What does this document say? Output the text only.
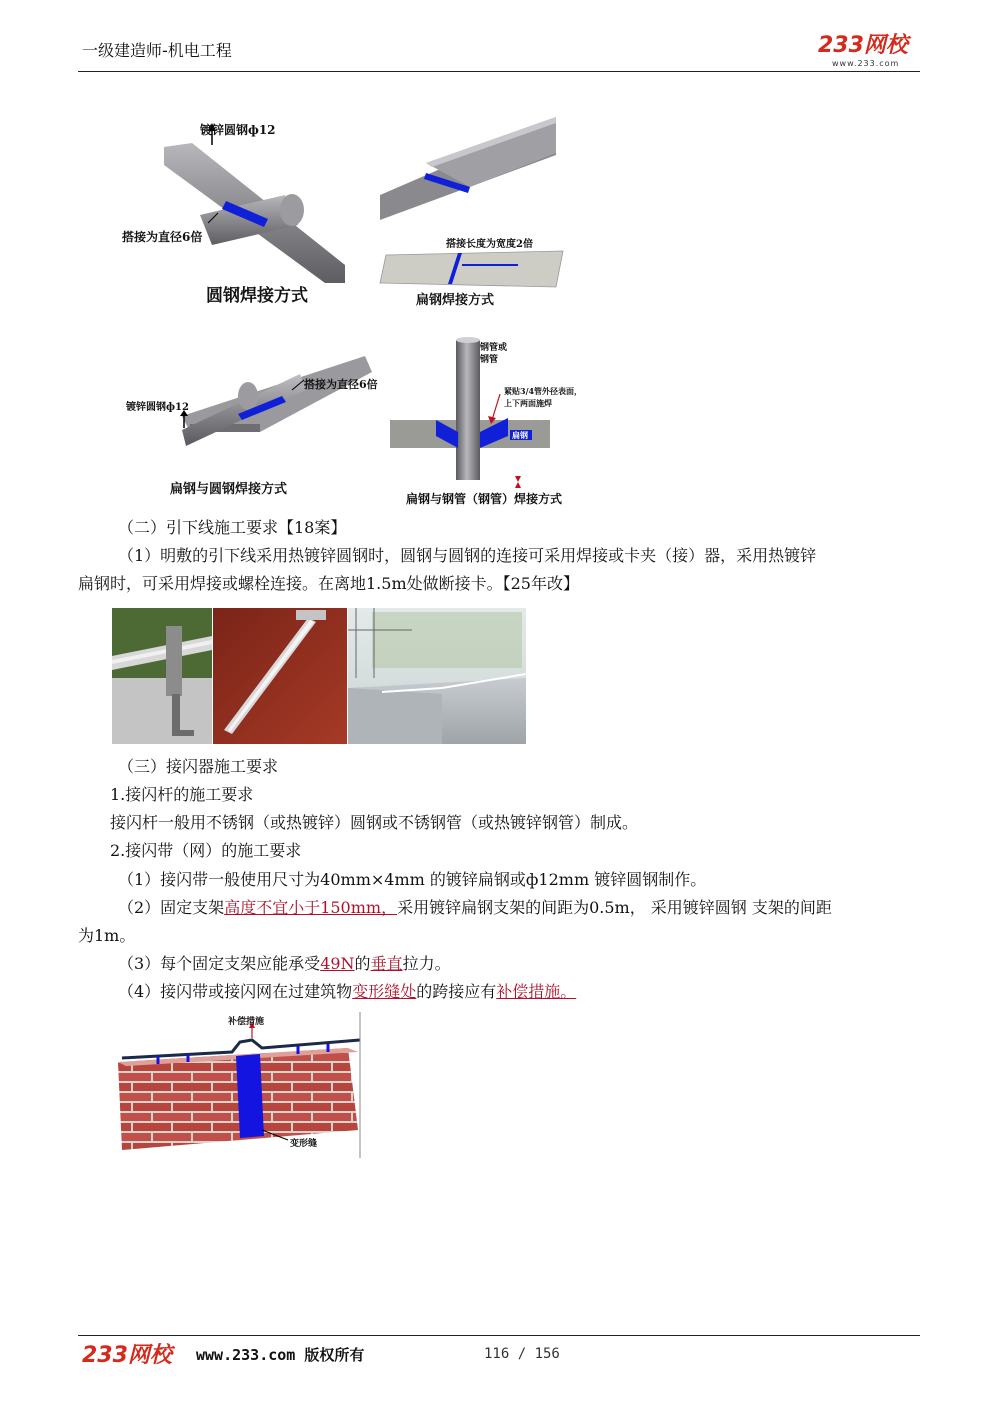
一级建造师-机电工程	233网校
www.233.com
镀锌圆钢ф12
搭接为直径6倍
圆钢焊接方式
搭接长度为宽度2倍
扁钢焊接方式
镀锌圆钢ф12
搭接为直径6倍
扁钢与圆钢焊接方式
钢管或钢管
紧贴3/4管外径表面，
上下两面施焊
扁钢
扁钢与钢管（钢管）焊接方式
（二）引下线施工要求【18案】
（1）明敷的引下线采用热镀锌圆钢时，圆钢与圆钢的连接可采用焊接或卡夹（接）器，采用热镀锌
扁钢时，可采用焊接或螺栓连接。在离地1.5m处做断接卡。【25年改】
（三）接闪器施工要求
1.接闪杆的施工要求
接闪杆一般用不锈钢（或热镀锌）圆钢或不锈钢管（或热镀锌钢管）制成。
2.接闪带（网）的施工要求
（1）接闪带一般使用尺寸为40mm×4mm 的镀锌扁钢或ф12mm 镀锌圆钢制作。
（2）固定支架高度不宜小于150mm，采用镀锌扁钢支架的间距为0.5m， 采用镀锌圆钢 支架的间距
为1m。
（3）每个固定支架应能承受49N的垂直拉力。
（4）接闪带或接闪网在过建筑物变形缝处的跨接应有补偿措施。
补偿措施
变形缝
233网校 www.233.com 版权所有	116 / 156
